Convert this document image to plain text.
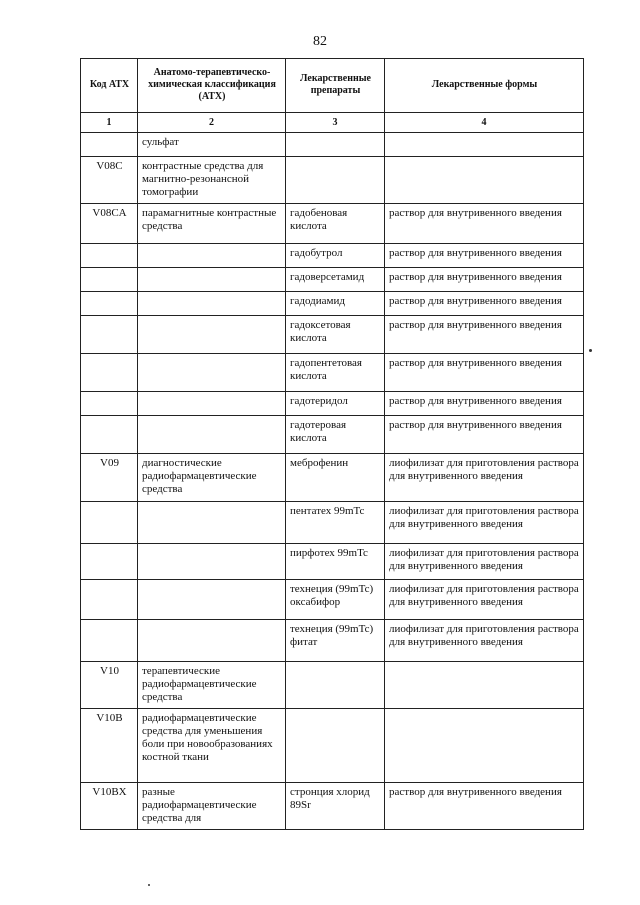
82
Код АТХ	Анатомо-терапевтическо-химическая классификация (АТХ)	Лекарственные препараты	Лекарственные формы
1	2	3	4
	сульфат		
V08C	контрастные средства для магнитно-резонансной томографии		
V08CA	парамагнитные контрастные средства	гадобеновая кислота	раствор для внутривенного введения
		гадобутрол	раствор для внутривенного введения
		гадоверсетамид	раствор для внутривенного введения
		гадодиамид	раствор для внутривенного введения
		гадоксетовая кислота	раствор для внутривенного введения
		гадопентетовая кислота	раствор для внутривенного введения
		гадотеридол	раствор для внутривенного введения
		гадотеровая кислота	раствор для внутривенного введения
V09	диагностические радиофармацевтические средства	меброфенин	лиофилизат для приготовления раствора для внутривенного введения
		пентатех 99mTc	лиофилизат для приготовления раствора для внутривенного введения
		пирфотех 99mTc	лиофилизат для приготовления раствора для внутривенного введения
		технеция (99mTc) оксабифор	лиофилизат для приготовления раствора для внутривенного введения
		технеция (99mTc) фитат	лиофилизат для приготовления раствора для внутривенного введения
V10	терапевтические радиофармацевтические средства		
V10B	радиофармацевтические средства для уменьшения боли при новообразованиях костной ткани		
V10BX	разные радиофармацевтические средства для	стронция хлорид 89Sr	раствор для внутривенного введения
